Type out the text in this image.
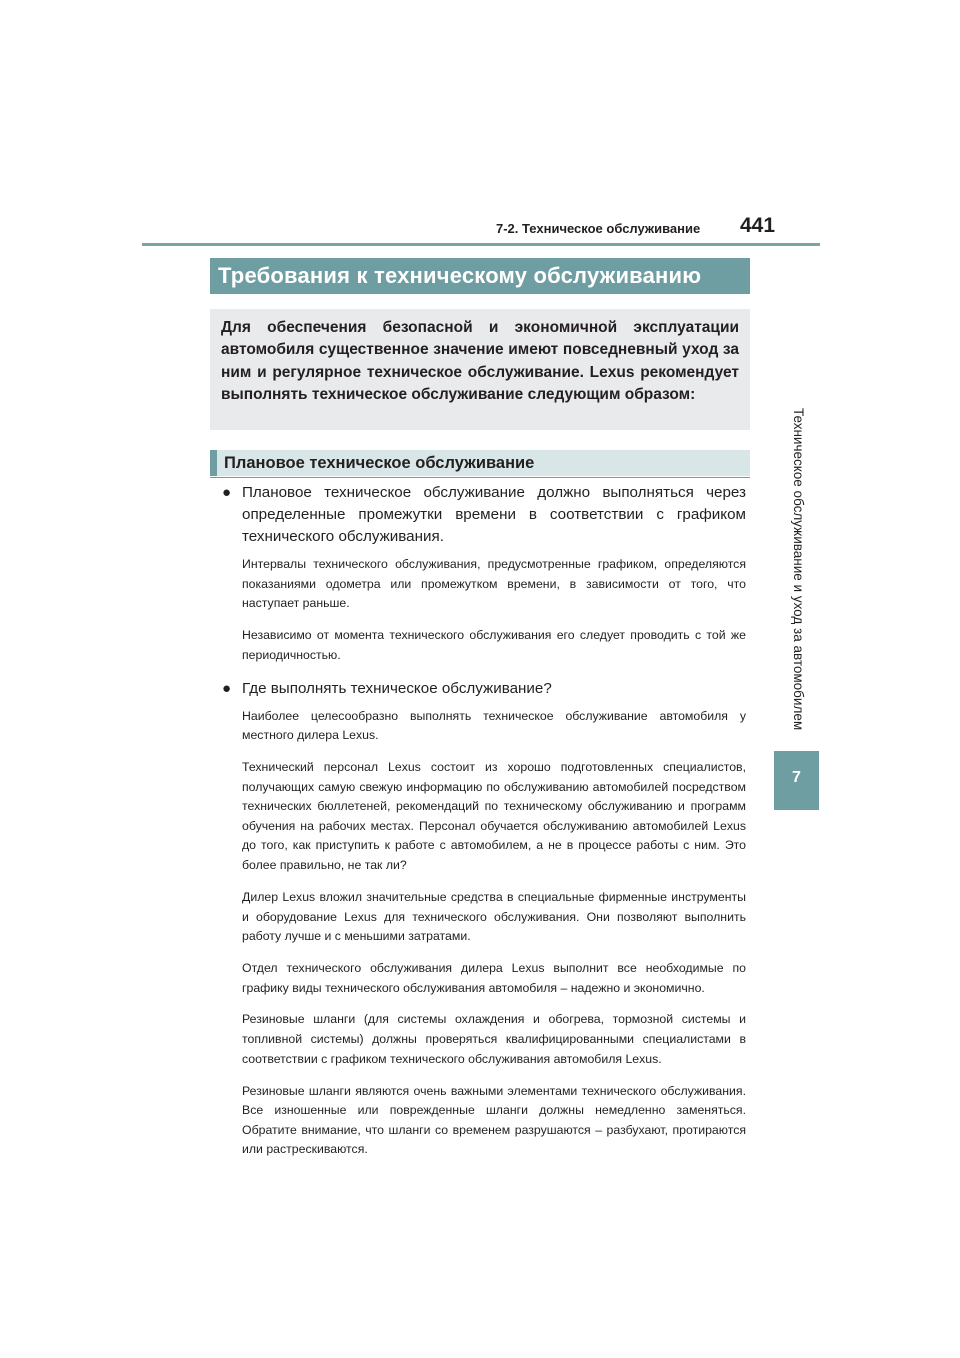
7-2. Техническое обслуживание 441
Техническое обслуживание и уход за автомобилем
7
Требования к техническому обслуживанию
Для обеспечения безопасной и экономичной эксплуатации автомобиля существенное значение имеют повседневный уход за ним и регулярное техническое обслуживание. Lexus рекомендует выполнять техническое обслуживание следующим образом:
Плановое техническое обслуживание
● Плановое техническое обслуживание должно выполняться через определенные промежутки времени в соответствии с графиком технического обслуживания.

Интервалы технического обслуживания, предусмотренные графиком, определяются показаниями одометра или промежутком времени, в зависимости от того, что наступает раньше.

Независимо от момента технического обслуживания его следует проводить с той же периодичностью.

● Где выполнять техническое обслуживание?

Наиболее целесообразно выполнять техническое обслуживание автомобиля у местного дилера Lexus.

Технический персонал Lexus состоит из хорошо подготовленных специалистов, получающих самую свежую информацию по обслуживанию автомобилей посредством технических бюллетеней, рекомендаций по техническому обслуживанию и программ обучения на рабочих местах. Персонал обучается обслуживанию автомобилей Lexus до того, как приступить к работе с автомобилем, а не в процессе работы с ним. Это более правильно, не так ли?

Дилер Lexus вложил значительные средства в специальные фирменные инструменты и оборудование Lexus для технического обслуживания. Они позволяют выполнить работу лучше и с меньшими затратами.

Отдел технического обслуживания дилера Lexus выполнит все необходимые по графику виды технического обслуживания автомобиля – надежно и экономично.

Резиновые шланги (для системы охлаждения и обогрева, тормозной системы и топливной системы) должны проверяться квалифицированными специалистами в соответствии с графиком технического обслуживания автомобиля Lexus.

Резиновые шланги являются очень важными элементами технического обслуживания. Все изношенные или поврежденные шланги должны немедленно заменяться. Обратите внимание, что шланги со временем разрушаются – разбухают, протираются или растрескиваются.
